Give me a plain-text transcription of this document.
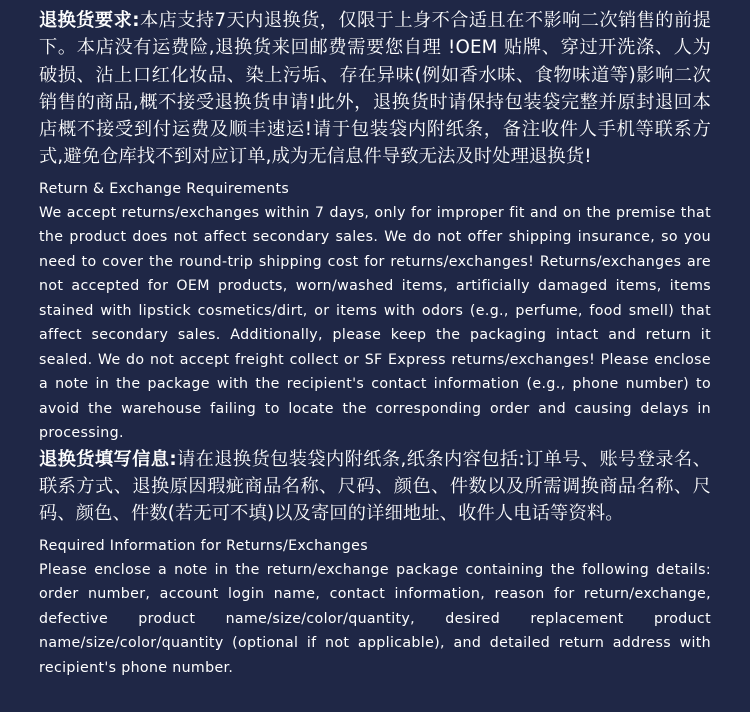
退换货要求:本店支持7天内退换货，仅限于上身不合适且在不影响二次销售的前提下。本店没有运费险,退换货来回邮费需要您自理 !OEM 贴牌、穿过开洗涤、人为破损、沾上口红化妆品、染上污垢、存在异味(例如香水味、食物味道等)影响二次销售的商品,概不接受退换货申请!此外，退换货时请保持包装袋完整并原封退回本店概不接受到付运费及顺丰速运!请于包装袋内附纸条，备注收件人手机等联系方式,避免仓库找不到对应订单,成为无信息件导致无法及时处理退换货!

Return & Exchange Requirements

We accept returns/exchanges within 7 days, only for improper fit and on the premise that the product does not affect secondary sales. We do not offer shipping insurance, so you need to cover the round-trip shipping cost for returns/exchanges! Returns/exchanges are not accepted for OEM products, worn/washed items, artificially damaged items, items stained with lipstick cosmetics/dirt, or items with odors (e.g., perfume, food smell) that affect secondary sales. Additionally, please keep the packaging intact and return it sealed. We do not accept freight collect or SF Express returns/exchanges! Please enclose a note in the package with the recipient's contact information (e.g., phone number) to avoid the warehouse failing to locate the corresponding order and causing delays in processing.

退换货填写信息:请在退换货包装袋内附纸条,纸条内容包括:订单号、账号登录名、联系方式、退换原因瑕疵商品名称、尺码、颜色、件数以及所需调换商品名称、尺码、颜色、件数(若无可不填)以及寄回的详细地址、收件人电话等资料。

Required Information for Returns/Exchanges

Please enclose a note in the return/exchange package containing the following details: order number, account login name, contact information, reason for return/exchange, defective product name/size/color/quantity, desired replacement product name/size/color/quantity (optional if not applicable), and detailed return address with recipient's phone number.
